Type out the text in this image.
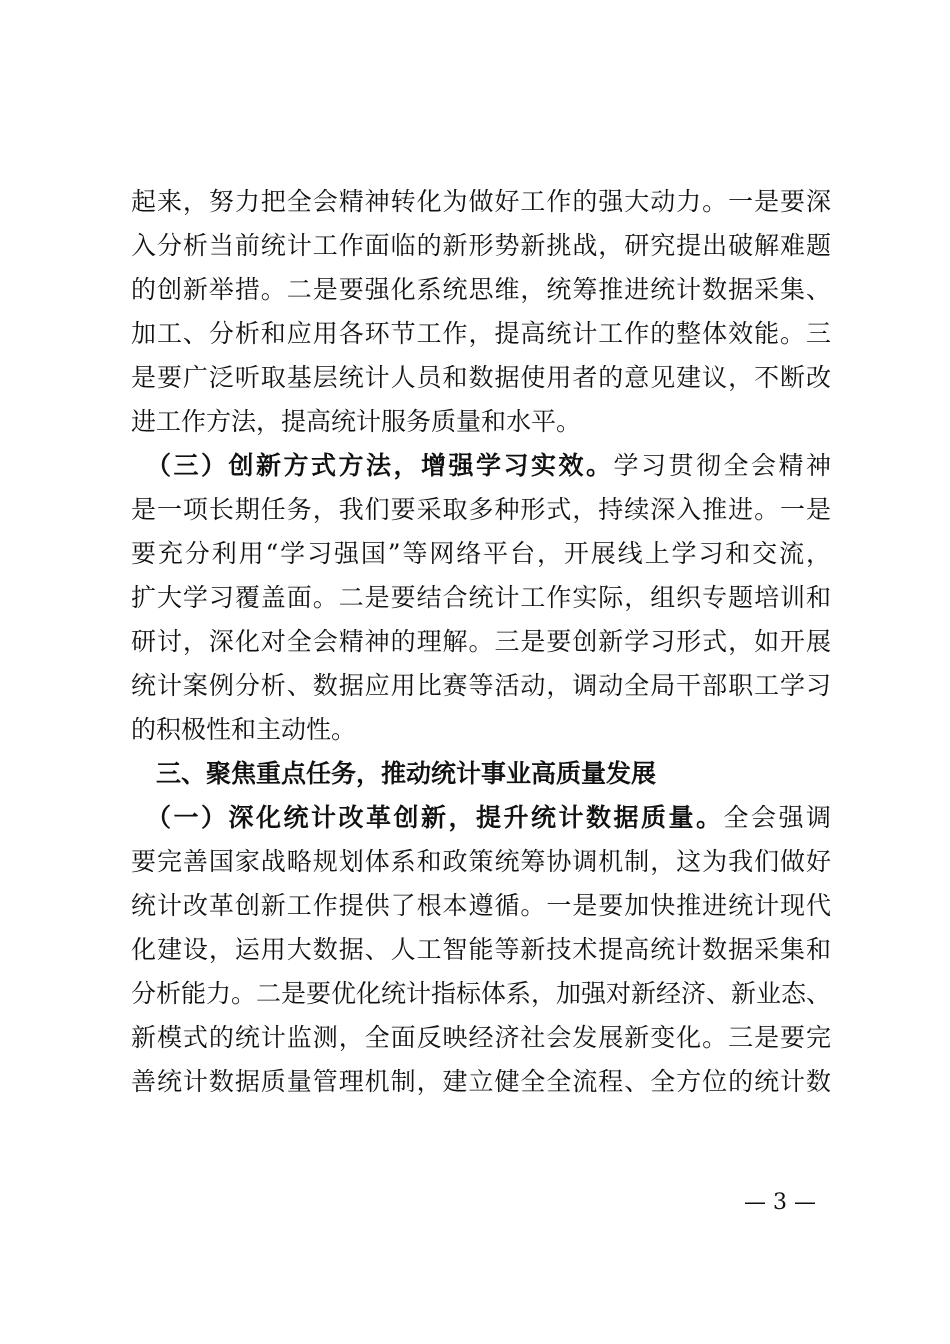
起来，努力把全会精神转化为做好工作的强大动力。一是要深
入分析当前统计工作面临的新形势新挑战，研究提出破解难题
的创新举措。二是要强化系统思维，统筹推进统计数据采集、
加工、分析和应用各环节工作，提高统计工作的整体效能。三
是要广泛听取基层统计人员和数据使用者的意见建议，不断改
进工作方法，提高统计服务质量和水平。
　（三）创新方式方法，增强学习实效。学习贯彻全会精神
是一项长期任务，我们要采取多种形式，持续深入推进。一是
要充分利用“学习强国”等网络平台，开展线上学习和交流，
扩大学习覆盖面。二是要结合统计工作实际，组织专题培训和
研讨，深化对全会精神的理解。三是要创新学习形式，如开展
统计案例分析、数据应用比赛等活动，调动全局干部职工学习
的积极性和主动性。
　三、聚焦重点任务，推动统计事业高质量发展
　（一）深化统计改革创新，提升统计数据质量。全会强调
要完善国家战略规划体系和政策统筹协调机制，这为我们做好
统计改革创新工作提供了根本遵循。一是要加快推进统计现代
化建设，运用大数据、人工智能等新技术提高统计数据采集和
分析能力。二是要优化统计指标体系，加强对新经济、新业态、
新模式的统计监测，全面反映经济社会发展新变化。三是要完
善统计数据质量管理机制，建立健全全流程、全方位的统计数
— 3 —
